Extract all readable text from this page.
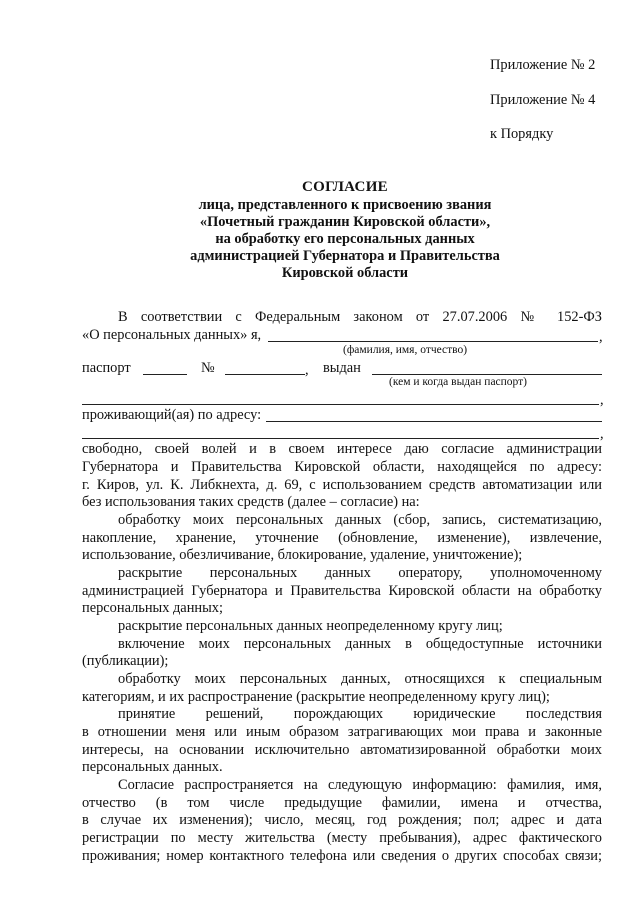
Приложение № 2
Приложение № 4
к Порядку
СОГЛАСИЕ
лица, представленного к присвоению звания
«Почетный гражданин Кировской области»,
на обработку его персональных данных
администрацией Губернатора и Правительства
Кировской области
В соответствии с Федеральным законом от 27.07.2006 № 152-ФЗ
«О персональных данных» я,	,
(фамилия, имя, отчество)
паспорт	№	, выдан
(кем и когда выдан паспорт)
,
проживающий(ая) по адресу:
,
свободно, своей волей и в своем интересе даю согласие администрации
Губернатора и Правительства Кировской области, находящейся по адресу:
г. Киров, ул. К. Либкнехта, д. 69, с использованием средств автоматизации или
без использования таких средств (далее – согласие) на:
обработку моих персональных данных (сбор, запись, систематизацию,
накопление, хранение, уточнение (обновление, изменение), извлечение,
использование, обезличивание, блокирование, удаление, уничтожение);
раскрытие персональных данных оператору, уполномоченному
администрацией Губернатора и Правительства Кировской области на обработку
персональных данных;
раскрытие персональных данных неопределенному кругу лиц;
включение моих персональных данных в общедоступные источники
(публикации);
обработку моих персональных данных, относящихся к специальным
категориям, и их распространение (раскрытие неопределенному кругу лиц);
принятие решений, порождающих юридические последствия
в отношении меня или иным образом затрагивающих мои права и законные
интересы, на основании исключительно автоматизированной обработки моих
персональных данных.
Согласие распространяется на следующую информацию: фамилия, имя,
отчество (в том числе предыдущие фамилии, имена и отчества,
в случае их изменения); число, месяц, год рождения; пол; адрес и дата
регистрации по месту жительства (месту пребывания), адрес фактического
проживания; номер контактного телефона или сведения о других способах связи;
